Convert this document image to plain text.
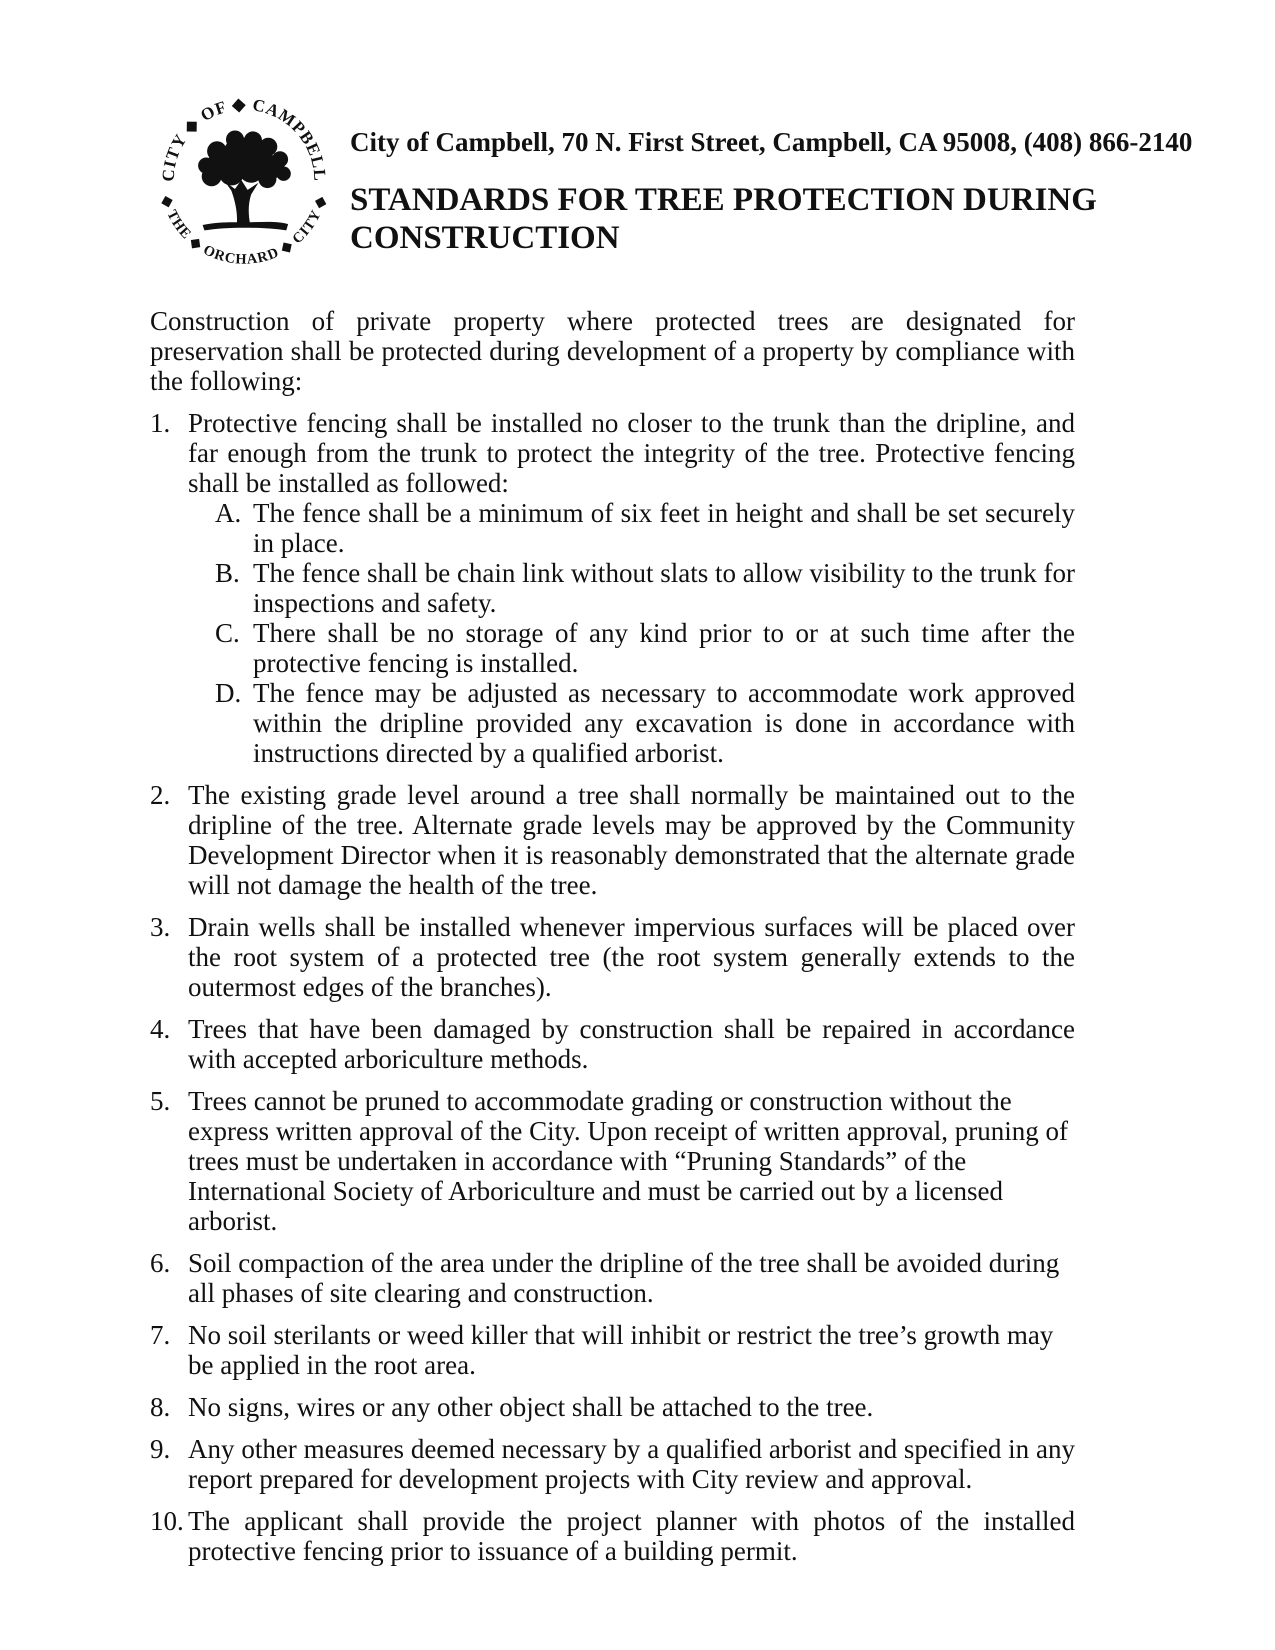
CITY ◆ OF ◆ CAMPBELL
◆ THE ◆ ORCHARD ◆ CITY ◆
City of Campbell, 70 N. First Street, Campbell, CA 95008, (408) 866-2140
STANDARDS FOR TREE PROTECTION DURING
CONSTRUCTION

Construction of private property where protected trees are designated for preservation shall be protected during development of a property by compliance with the following:

1. Protective fencing shall be installed no closer to the trunk than the dripline, and far enough from the trunk to protect the integrity of the tree. Protective fencing shall be installed as followed:
A. The fence shall be a minimum of six feet in height and shall be set securely in place.
B. The fence shall be chain link without slats to allow visibility to the trunk for inspections and safety.
C. There shall be no storage of any kind prior to or at such time after the protective fencing is installed.
D. The fence may be adjusted as necessary to accommodate work approved within the dripline provided any excavation is done in accordance with instructions directed by a qualified arborist.
2. The existing grade level around a tree shall normally be maintained out to the dripline of the tree. Alternate grade levels may be approved by the Community Development Director when it is reasonably demonstrated that the alternate grade will not damage the health of the tree.
3. Drain wells shall be installed whenever impervious surfaces will be placed over the root system of a protected tree (the root system generally extends to the outermost edges of the branches).
4. Trees that have been damaged by construction shall be repaired in accordance with accepted arboriculture methods.
5. Trees cannot be pruned to accommodate grading or construction without the express written approval of the City. Upon receipt of written approval, pruning of trees must be undertaken in accordance with “Pruning Standards” of the International Society of Arboriculture and must be carried out by a licensed arborist.
6. Soil compaction of the area under the dripline of the tree shall be avoided during all phases of site clearing and construction.
7. No soil sterilants or weed killer that will inhibit or restrict the tree’s growth may be applied in the root area.
8. No signs, wires or any other object shall be attached to the tree.
9. Any other measures deemed necessary by a qualified arborist and specified in any report prepared for development projects with City review and approval.
10. The applicant shall provide the project planner with photos of the installed protective fencing prior to issuance of a building permit.
